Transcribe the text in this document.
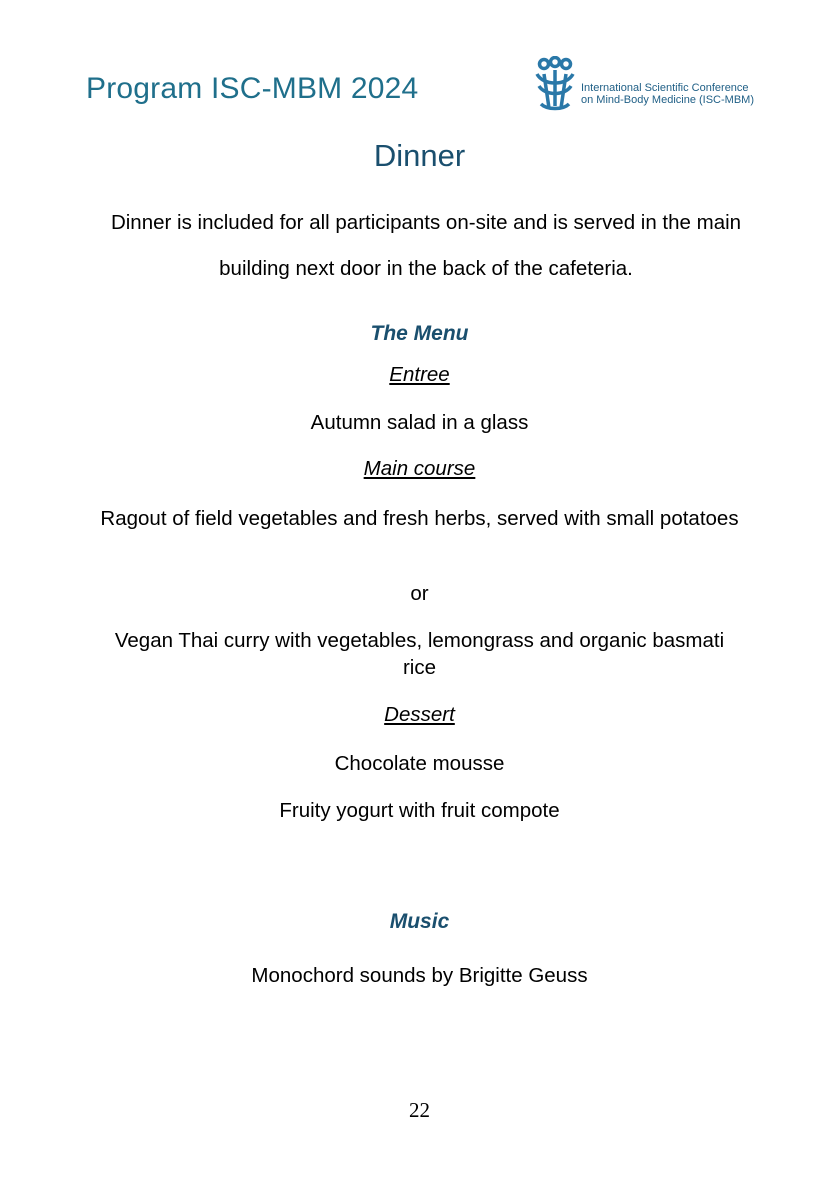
Program ISC-MBM 2024	International Scientific Conference
on Mind-Body Medicine (ISC-MBM)
Dinner
Dinner is included for all participants on-site and is served in the main building next door in the back of the cafeteria.
The Menu
Entree
Autumn salad in a glass
Main course
Ragout of field vegetables and fresh herbs, served with small potatoes
or
Vegan Thai curry with vegetables, lemongrass and organic basmati rice
Dessert
Chocolate mousse
Fruity yogurt with fruit compote
Music
Monochord sounds by Brigitte Geuss
22
